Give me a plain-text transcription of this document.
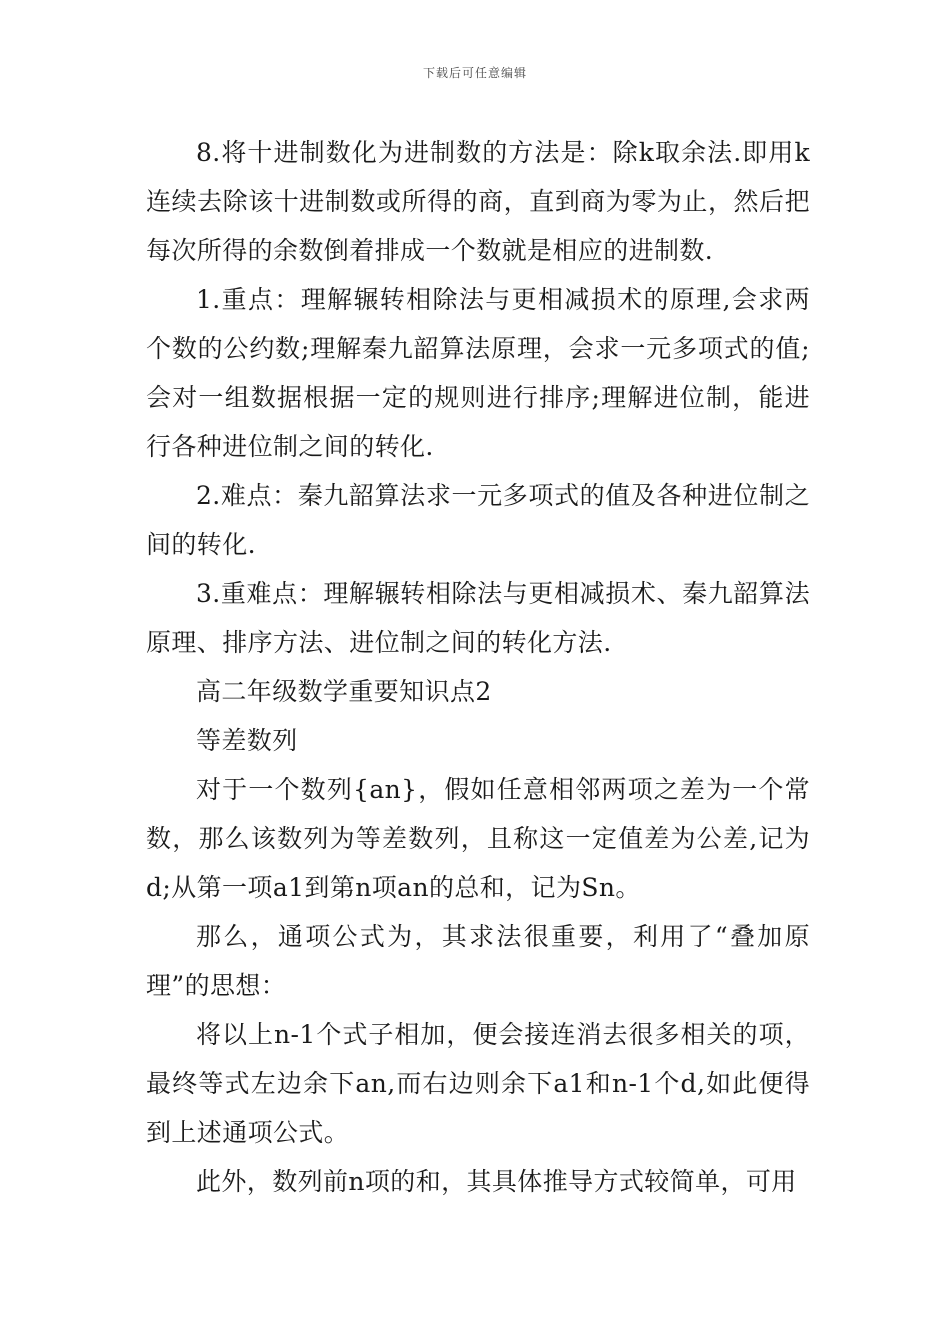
下载后可任意编辑

8.将十进制数化为进制数的方法是：除k取余法.即用k连续去除该十进制数或所得的商，直到商为零为止，然后把每次所得的余数倒着排成一个数就是相应的进制数.

1.重点：理解辗转相除法与更相减损术的原理,会求两个数的公约数;理解秦九韶算法原理，会求一元多项式的值;会对一组数据根据一定的规则进行排序;理解进位制，能进行各种进位制之间的转化.

2.难点：秦九韶算法求一元多项式的值及各种进位制之间的转化.

3.重难点：理解辗转相除法与更相减损术、秦九韶算法原理、排序方法、进位制之间的转化方法.

高二年级数学重要知识点2

等差数列

对于一个数列{an}，假如任意相邻两项之差为一个常数，那么该数列为等差数列，且称这一定值差为公差,记为d;从第一项a1到第n项an的总和，记为Sn。

那么，通项公式为，其求法很重要，利用了“叠加原理”的思想：

将以上n-1个式子相加，便会接连消去很多相关的项，最终等式左边余下an,而右边则余下a1和n-1个d,如此便得到上述通项公式。

此外，数列前n项的和，其具体推导方式较简单，可用
